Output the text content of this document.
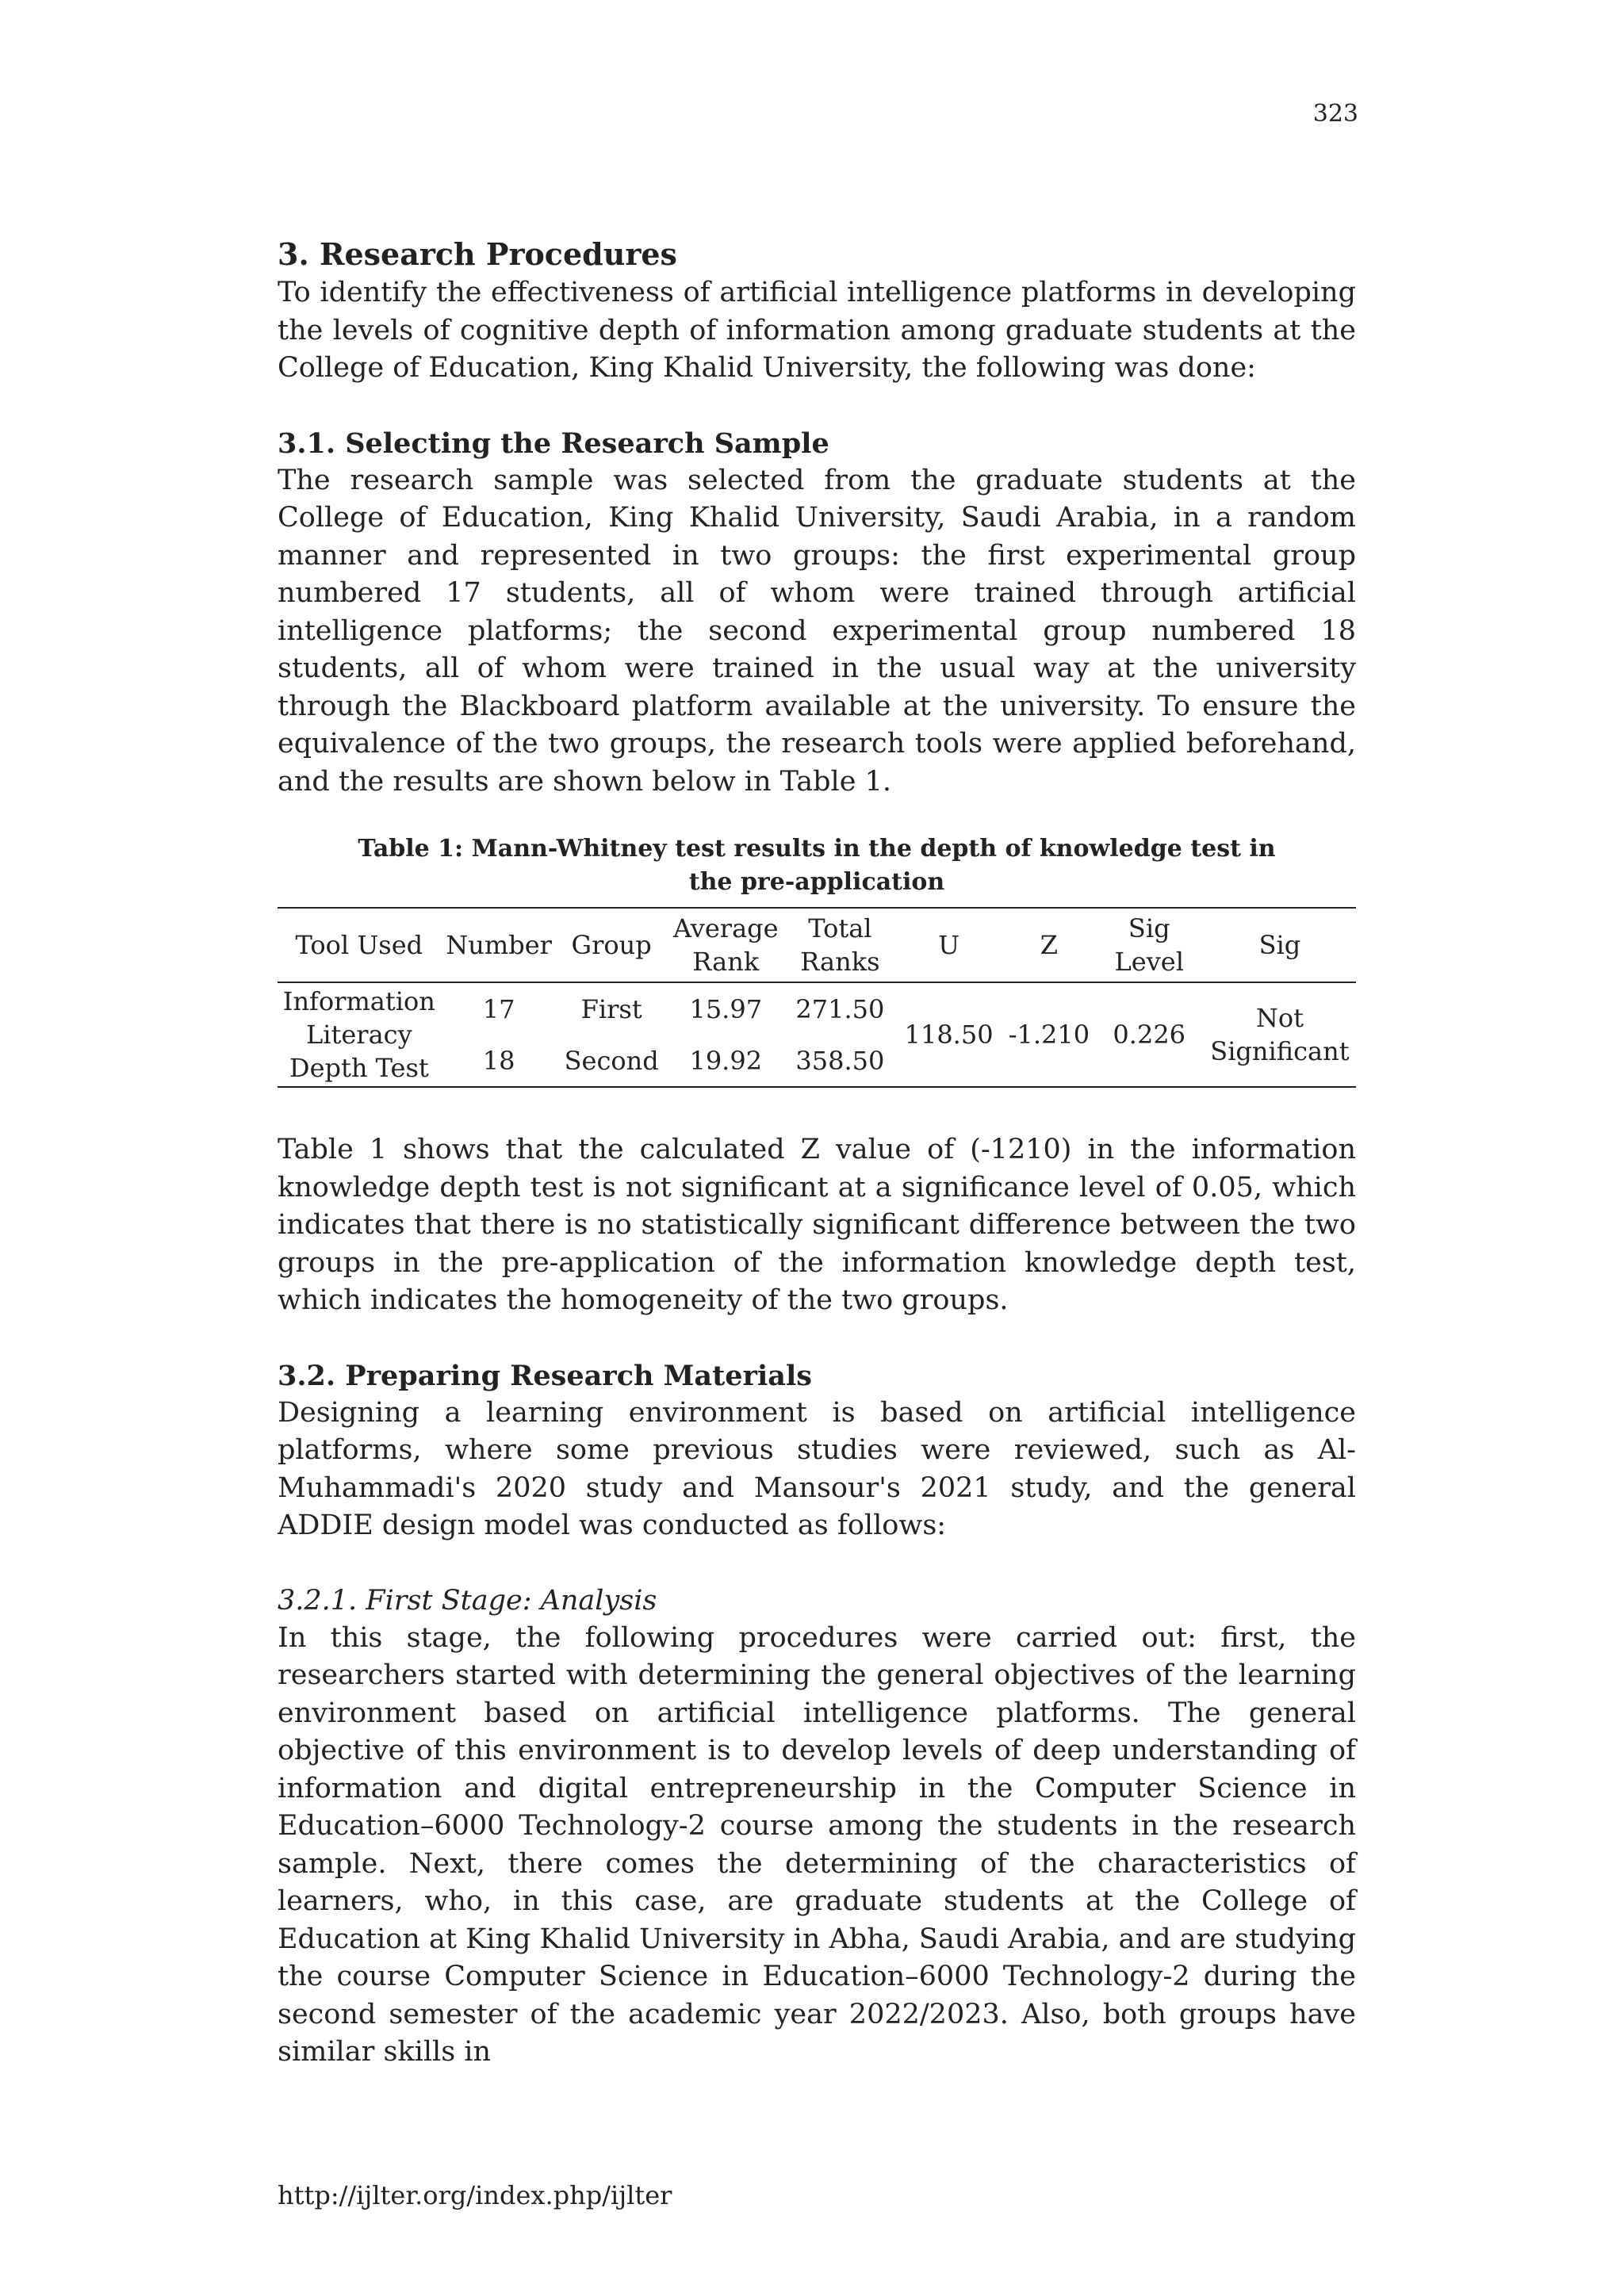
323
3. Research Procedures

To identify the effectiveness of artificial intelligence platforms in developing the levels of cognitive depth of information among graduate students at the College of Education, King Khalid University, the following was done:

3.1. Selecting the Research Sample

The research sample was selected from the graduate students at the College of Education, King Khalid University, Saudi Arabia, in a random manner and represented in two groups: the first experimental group numbered 17 students, all of whom were trained through artificial intelligence platforms; the second experimental group numbered 18 students, all of whom were trained in the usual way at the university through the Blackboard platform available at the university. To ensure the equivalence of the two groups, the research tools were applied beforehand, and the results are shown below in Table 1.

Table 1: Mann-Whitney test results in the depth of knowledge test in the pre-application
Tool Used	Number	Group	Average Rank	Total Ranks	U	Z	Sig Level	Sig
Information Literacy Depth Test	17	First	15.97	271.50	118.50	-1.210	0.226	Not Significant
	18	Second	19.92	358.50				

Table 1 shows that the calculated Z value of (-1210) in the information knowledge depth test is not significant at a significance level of 0.05, which indicates that there is no statistically significant difference between the two groups in the pre-application of the information knowledge depth test, which indicates the homogeneity of the two groups.

3.2. Preparing Research Materials

Designing a learning environment is based on artificial intelligence platforms, where some previous studies were reviewed, such as Al-Muhammadi's 2020 study and Mansour's 2021 study, and the general ADDIE design model was conducted as follows:

3.2.1. First Stage: Analysis

In this stage, the following procedures were carried out: first, the researchers started with determining the general objectives of the learning environment based on artificial intelligence platforms. The general objective of this environment is to develop levels of deep understanding of information and digital entrepreneurship in the Computer Science in Education–6000 Technology-2 course among the students in the research sample. Next, there comes the determining of the characteristics of learners, who, in this case, are graduate students at the College of Education at King Khalid University in Abha, Saudi Arabia, and are studying the course Computer Science in Education–6000 Technology-2 during the second semester of the academic year 2022/2023. Also, both groups have similar skills in

http://ijlter.org/index.php/ijlter
